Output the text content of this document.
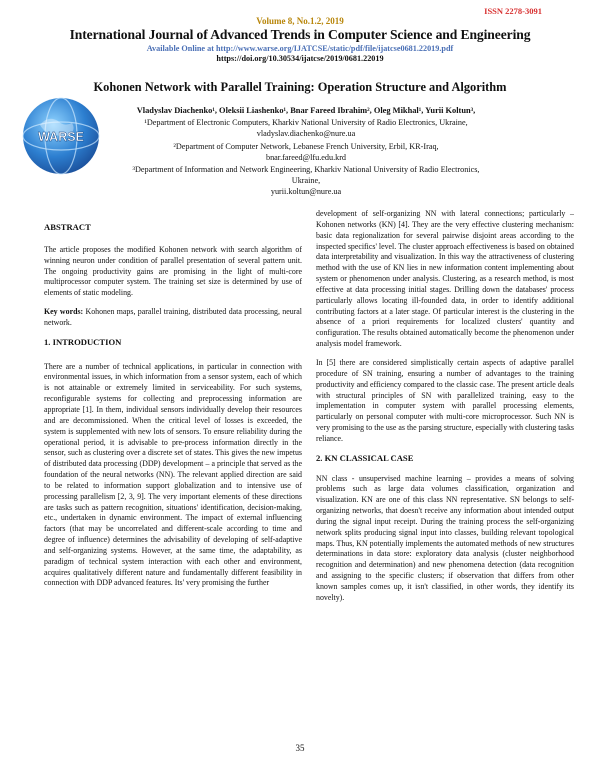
ISSN 2278-3091
Volume 8, No.1.2, 2019
International Journal of Advanced Trends in Computer Science and Engineering
Available Online at http://www.warse.org/IJATCSE/static/pdf/file/ijatcse0681.22019.pdf
https://doi.org/10.30534/ijatcse/2019/0681.22019
Kohonen Network with Parallel Training: Operation Structure and Algorithm
WARSE
Vladyslav Diachenko¹, Oleksii Liashenko¹, Bnar Fareed Ibrahim², Oleg Mikhal¹, Yurii Koltun³,
¹Department of Electronic Computers, Kharkiv National University of Radio Electronics, Ukraine,
vladyslav.diachenko@nure.ua
²Department of Computer Network, Lebanese French University, Erbil, KR-Iraq,
bnar.fareed@lfu.edu.krd
³Department of Information and Network Engineering, Kharkiv National University of Radio Electronics,
Ukraine,
yurii.koltun@nure.ua
ABSTRACT

The article proposes the modified Kohonen network with search algorithm of winning neuron under condition of parallel presentation of several pattern unit. The ongoing productivity gains are promising in the light of multi-core multiprocessor computer system. The training set size is determined by use of elements of static modeling.

Key words: Kohonen maps, parallel training, distributed data processing, neural network.

1. INTRODUCTION

There are a number of technical applications, in particular in connection with environmental issues, in which information from a sensor system, each of which is not attainable or extremely limited in serviceability. For such systems, reconfigurable systems for collecting and preprocessing information are appropriate [1]. In them, individual sensors individually develop their resources and are decommissioned. When the critical level of losses is exceeded, the system is supplemented with new lots of sensors. To ensure reliability during the operational period, it is advisable to pre-process information directly in the sensor, such as clustering over a discrete set of states. This gives the new impetus of distributed data processing (DDP) development – a principle that served as the foundation of the neural networks (NN). The relevant applied direction are said to be related to information support globalization and to intensive use of processing parallelism [2, 3, 9]. The very important elements of these directions are tasks such as pattern recognition, situations' identification, decision-making, etc., undertaken in dynamic environment. The impact of external influencing factors (that may be uncorrelated and different-scale according to time and degree of influence) determines the advisability of developing of self-adaptive and self-organizing systems. However, at the same time, the adaptability, as paradigm of technical system interaction with each other and environment, acquires qualitatively different nature and fundamentally different feasibility in connection with DDP advanced features. Its' very promising the further

development of self-organizing NN with lateral connections; particularly – Kohonen networks (KN) [4]. They are the very effective clustering mechanism: basic data regionalization for several pairwise disjoint areas according to the inspected specifics' level. The cluster approach effectiveness is based on obtained data interpretability and visualization. In this way the attractiveness of clustering method with the use of KN lies in new information content implementing about system or phenomenon under analysis. Clustering, as a research method, is most effective at data processing initial stages. Drilling down the databases' process particularly allows locating ill-founded data, in order to identify additional contributing factors at a later stage. Of particular interest is the clustering in the absence of a priori requirements for localized clusters' quantity and configuration. The results obtained automatically become the phenomenon under analysis model framework.

In [5] there are considered simplistically certain aspects of adaptive parallel procedure of SN training, ensuring a number of advantages to the training productivity and efficiency compared to the classic case. The present article deals with structural principles of SN with parallelized training, easy to the implementation in computer system with parallel processing elements, particularly on personal computer with multi-core microprocessor. Such NN is very promising to the use as the parsing structure, especially with clustering tasks reliance.

2. KN CLASSICAL CASE

NN class - unsupervised machine learning – provides a means of solving problems such as large data volumes classification, organization and visualization. KN are one of this class NN representative. SN belongs to self-organizing networks, that doesn't receive any information about intended output during the signal input receipt. During the training process the self-organizing network splits producing signal input into classes, building relevant topological maps. Thus, KN potentially implements the automated methods of new structures determinations in data store: exploratory data analysis (cluster neighborhood recognition and determination) and new phenomena detection (data recognition and assigning to the specific clusters; if observation that differs from other known samples comes up, it isn't classified, in other words, they identify its novelty).

35
